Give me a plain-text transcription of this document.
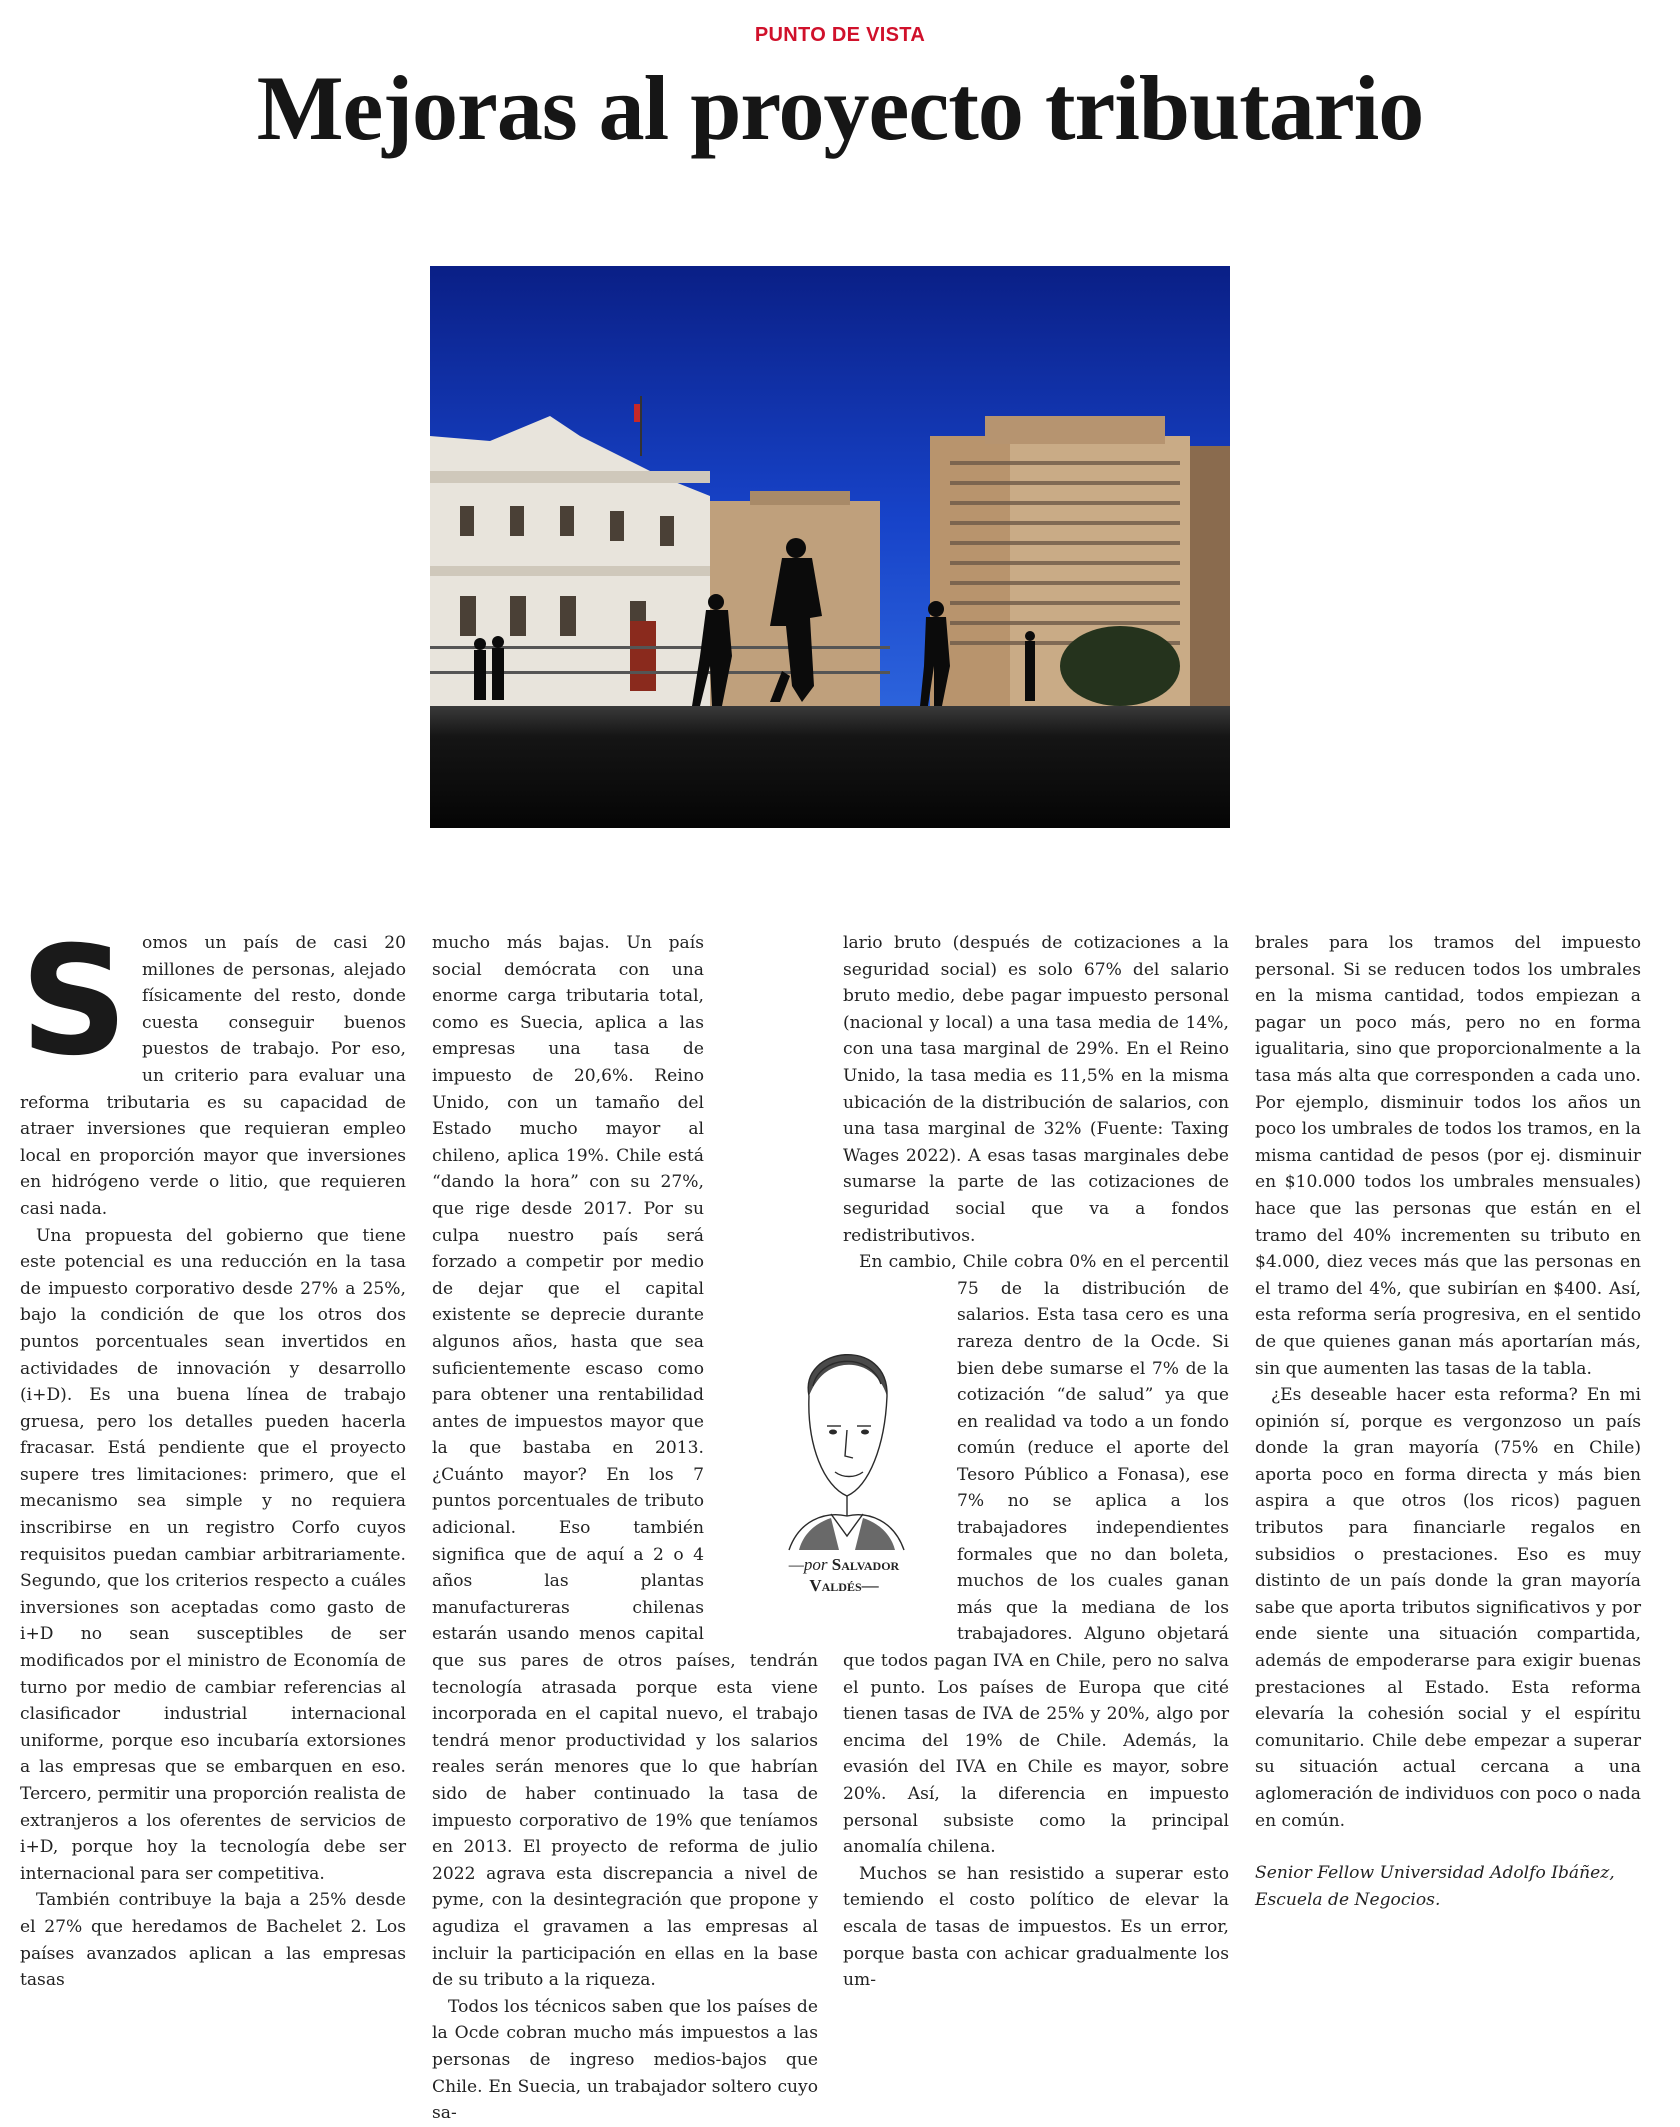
PUNTO DE VISTA
Mejoras al proyecto tributario
S omos un país de casi 20 millones de personas, alejado físicamente del resto, donde cuesta conseguir buenos puestos de trabajo. Por eso, un criterio para evaluar una reforma tributaria es su capacidad de atraer inversiones que requieran empleo local en proporción mayor que inversiones en hidrógeno verde o litio, que requieren casi nada.

Una propuesta del gobierno que tiene este potencial es una reducción en la tasa de impuesto corporativo desde 27% a 25%, bajo la condición de que los otros dos puntos porcentuales sean invertidos en actividades de innovación y desarrollo (i+D). Es una buena línea de trabajo gruesa, pero los detalles pueden hacerla fracasar. Está pendiente que el proyecto supere tres limitaciones: primero, que el mecanismo sea simple y no requiera inscribirse en un registro Corfo cuyos requisitos puedan cambiar arbitrariamente. Segundo, que los criterios respecto a cuáles inversiones son aceptadas como gasto de i+D no sean susceptibles de ser modificados por el ministro de Economía de turno por medio de cambiar referencias al clasificador industrial internacional uniforme, porque eso incubaría extorsiones a las empresas que se embarquen en eso. Tercero, permitir una proporción realista de extranjeros a los oferentes de servicios de i+D, porque hoy la tecnología debe ser internacional para ser competitiva.

También contribuye la baja a 25% desde el 27% que heredamos de Bachelet 2. Los países avanzados aplican a las empresas tasas

mucho más bajas. Un país social demócrata con una enorme carga tributaria total, como es Suecia, aplica a las empresas una tasa de impuesto de 20,6%. Reino Unido, con un tamaño del Estado mucho mayor al chileno, aplica 19%. Chile está “dando la hora” con su 27%, que rige desde 2017. Por su culpa nuestro país será forzado a competir por medio de dejar que el capital existente se deprecie durante algunos años, hasta que sea suficientemente escaso como para obtener una rentabilidad antes de impuestos mayor que la que bastaba en 2013. ¿Cuánto mayor? En los 7 puntos porcentuales de tributo adicional. Eso también significa que de aquí a 2 o 4 años las plantas manufactureras chilenas estarán usando menos capital que sus pares de otros países, tendrán tecnología atrasada porque esta viene incorporada en el capital nuevo, el trabajo tendrá menor productividad y los salarios reales serán menores que lo que habrían sido de haber continuado la tasa de impuesto corporativo de 19% que teníamos en 2013. El proyecto de reforma de julio 2022 agrava esta discrepancia a nivel de pyme, con la desintegración que propone y agudiza el gravamen a las empresas al incluir la participación en ellas en la base de su tributo a la riqueza.

Todos los técnicos saben que los países de la Ocde cobran mucho más impuestos a las personas de ingreso medios-bajos que Chile. En Suecia, un trabajador soltero cuyo sa-

lario bruto (después de cotizaciones a la seguridad social) es solo 67% del salario bruto medio, debe pagar impuesto personal (nacional y local) a una tasa media de 14%, con una tasa marginal de 29%. En el Reino Unido, la tasa media es 11,5% en la misma ubicación de la distribución de salarios, con una tasa marginal de 32% (Fuente: Taxing Wages 2022). A esas tasas marginales debe sumarse la parte de las cotizaciones de seguridad social que va a fondos redistributivos.

En cambio, Chile cobra 0% en el percentil 75 de la distribución de salarios. Esta tasa cero es una rareza dentro de la Ocde. Si bien debe sumarse el 7% de la cotización “de salud” ya que en realidad va todo a un fondo común (reduce el aporte del Tesoro Público a Fonasa), ese 7% no se aplica a los trabajadores independientes formales que no dan boleta, muchos de los cuales ganan más que la mediana de los trabajadores. Alguno objetará que todos pagan IVA en Chile, pero no salva el punto. Los países de Europa que cité tienen tasas de IVA de 25% y 20%, algo por encima del 19% de Chile. Además, la evasión del IVA en Chile es mayor, sobre 20%. Así, la diferencia en impuesto personal subsiste como la principal anomalía chilena.

Muchos se han resistido a superar esto temiendo el costo político de elevar la escala de tasas de impuestos. Es un error, porque basta con achicar gradualmente los um-

brales para los tramos del impuesto personal. Si se reducen todos los umbrales en la misma cantidad, todos empiezan a pagar un poco más, pero no en forma igualitaria, sino que proporcionalmente a la tasa más alta que corresponden a cada uno. Por ejemplo, disminuir todos los años un poco los umbrales de todos los tramos, en la misma cantidad de pesos (por ej. disminuir en $10.000 todos los umbrales mensuales) hace que las personas que están en el tramo del 40% incrementen su tributo en $4.000, diez veces más que las personas en el tramo del 4%, que subirían en $400. Así, esta reforma sería progresiva, en el sentido de que quienes ganan más aportarían más, sin que aumenten las tasas de la tabla.

¿Es deseable hacer esta reforma? En mi opinión sí, porque es vergonzoso un país donde la gran mayoría (75% en Chile) aporta poco en forma directa y más bien aspira a que otros (los ricos) paguen tributos para financiarle regalos en subsidios o prestaciones. Eso es muy distinto de un país donde la gran mayoría sabe que aporta tributos significativos y por ende siente una situación compartida, además de empoderarse para exigir buenas prestaciones al Estado. Esta reforma elevaría la cohesión social y el espíritu comunitario. Chile debe empezar a superar su situación actual cercana a una aglomeración de individuos con poco o nada en común.

Senior Fellow Universidad Adolfo Ibáñez, Escuela de Negocios.

—por Salvador
Valdés—
